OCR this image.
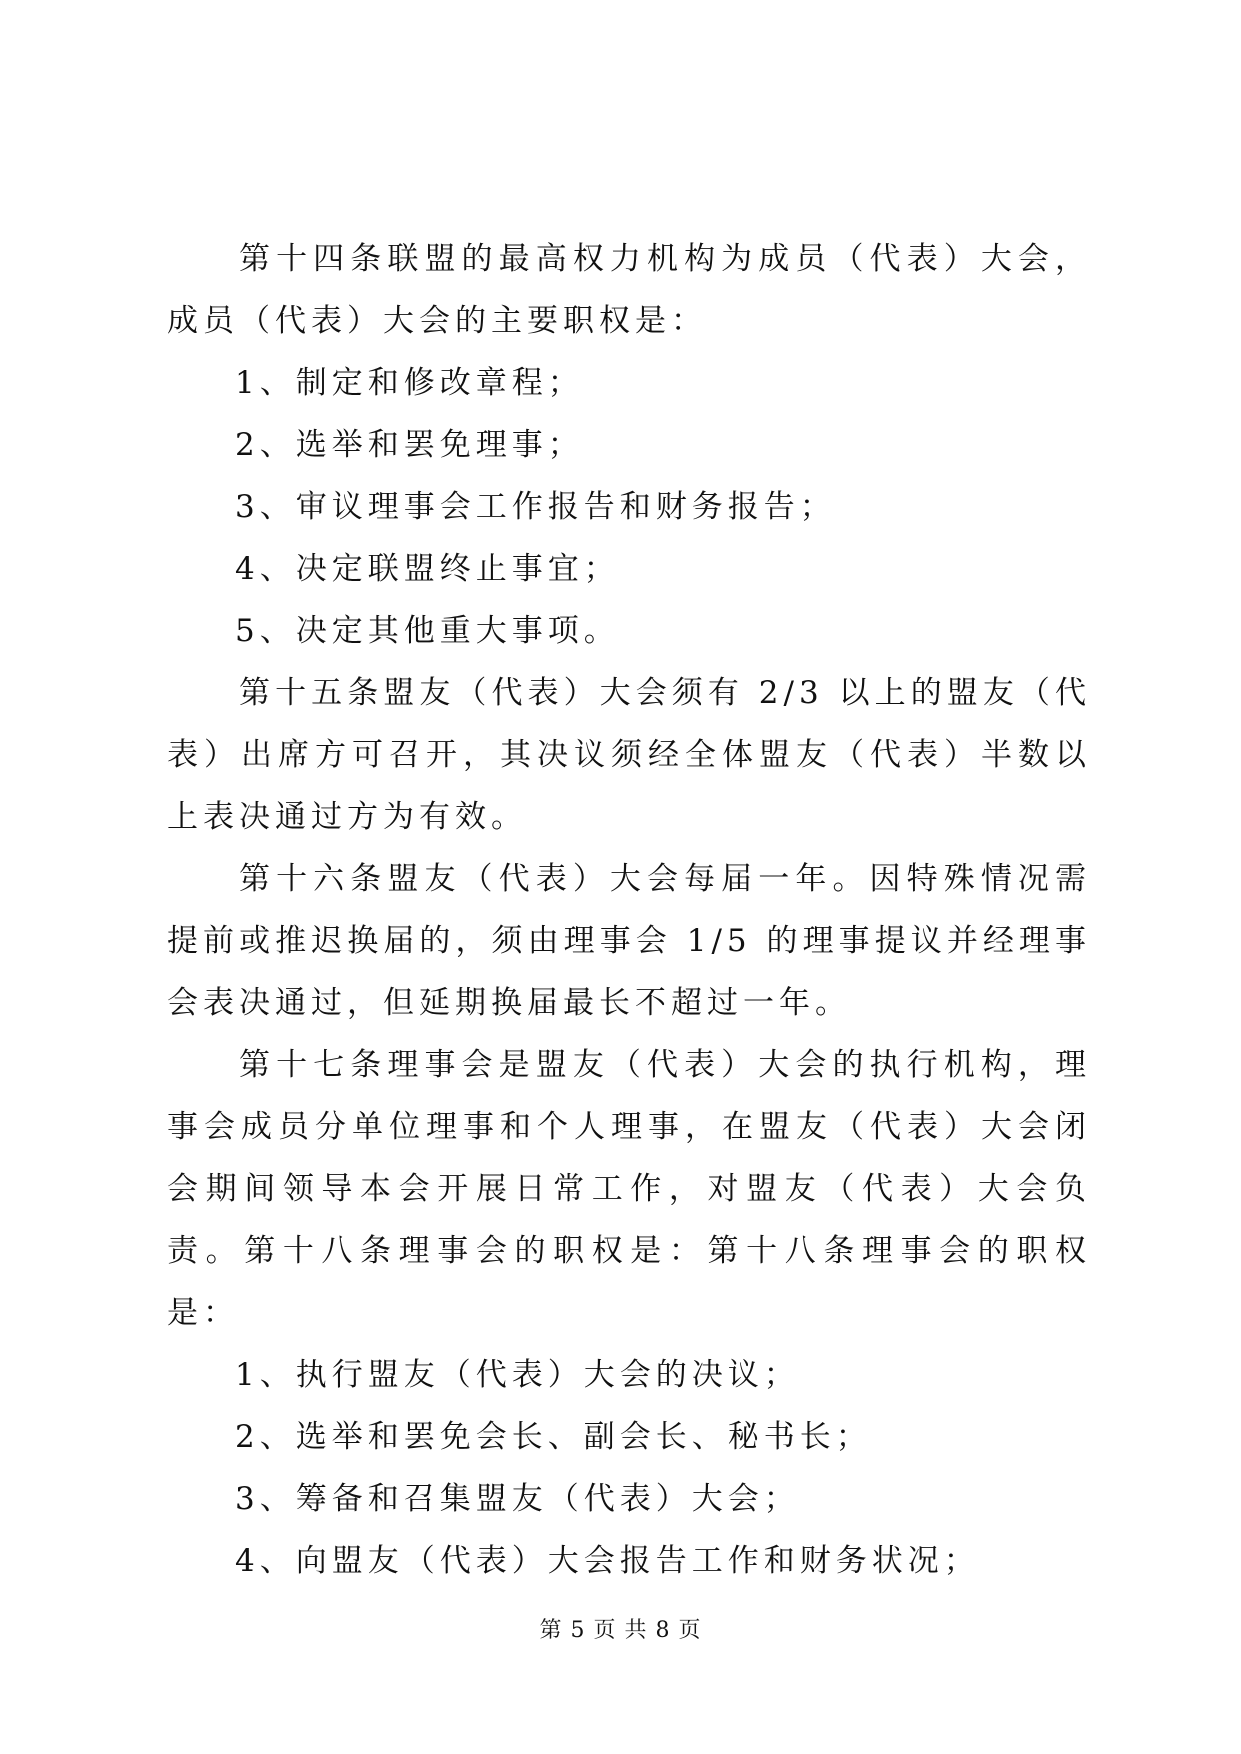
第十四条联盟的最高权力机构为成员（代表）大会，成员（代表）大会的主要职权是：

1、制定和修改章程；

2、选举和罢免理事；

3、审议理事会工作报告和财务报告；

4、决定联盟终止事宜；

5、决定其他重大事项。

第十五条盟友（代表）大会须有 2/3 以上的盟友（代表）出席方可召开，其决议须经全体盟友（代表）半数以上表决通过方为有效。

第十六条盟友（代表）大会每届一年。因特殊情况需提前或推迟换届的，须由理事会 1/5 的理事提议并经理事会表决通过，但延期换届最长不超过一年。

第十七条理事会是盟友（代表）大会的执行机构，理事会成员分单位理事和个人理事，在盟友（代表）大会闭会期间领导本会开展日常工作，对盟友（代表）大会负责。第十八条理事会的职权是：第十八条理事会的职权是：

1、执行盟友（代表）大会的决议；

2、选举和罢免会长、副会长、秘书长；

3、筹备和召集盟友（代表）大会；

4、向盟友（代表）大会报告工作和财务状况；

第 5 页 共 8 页
